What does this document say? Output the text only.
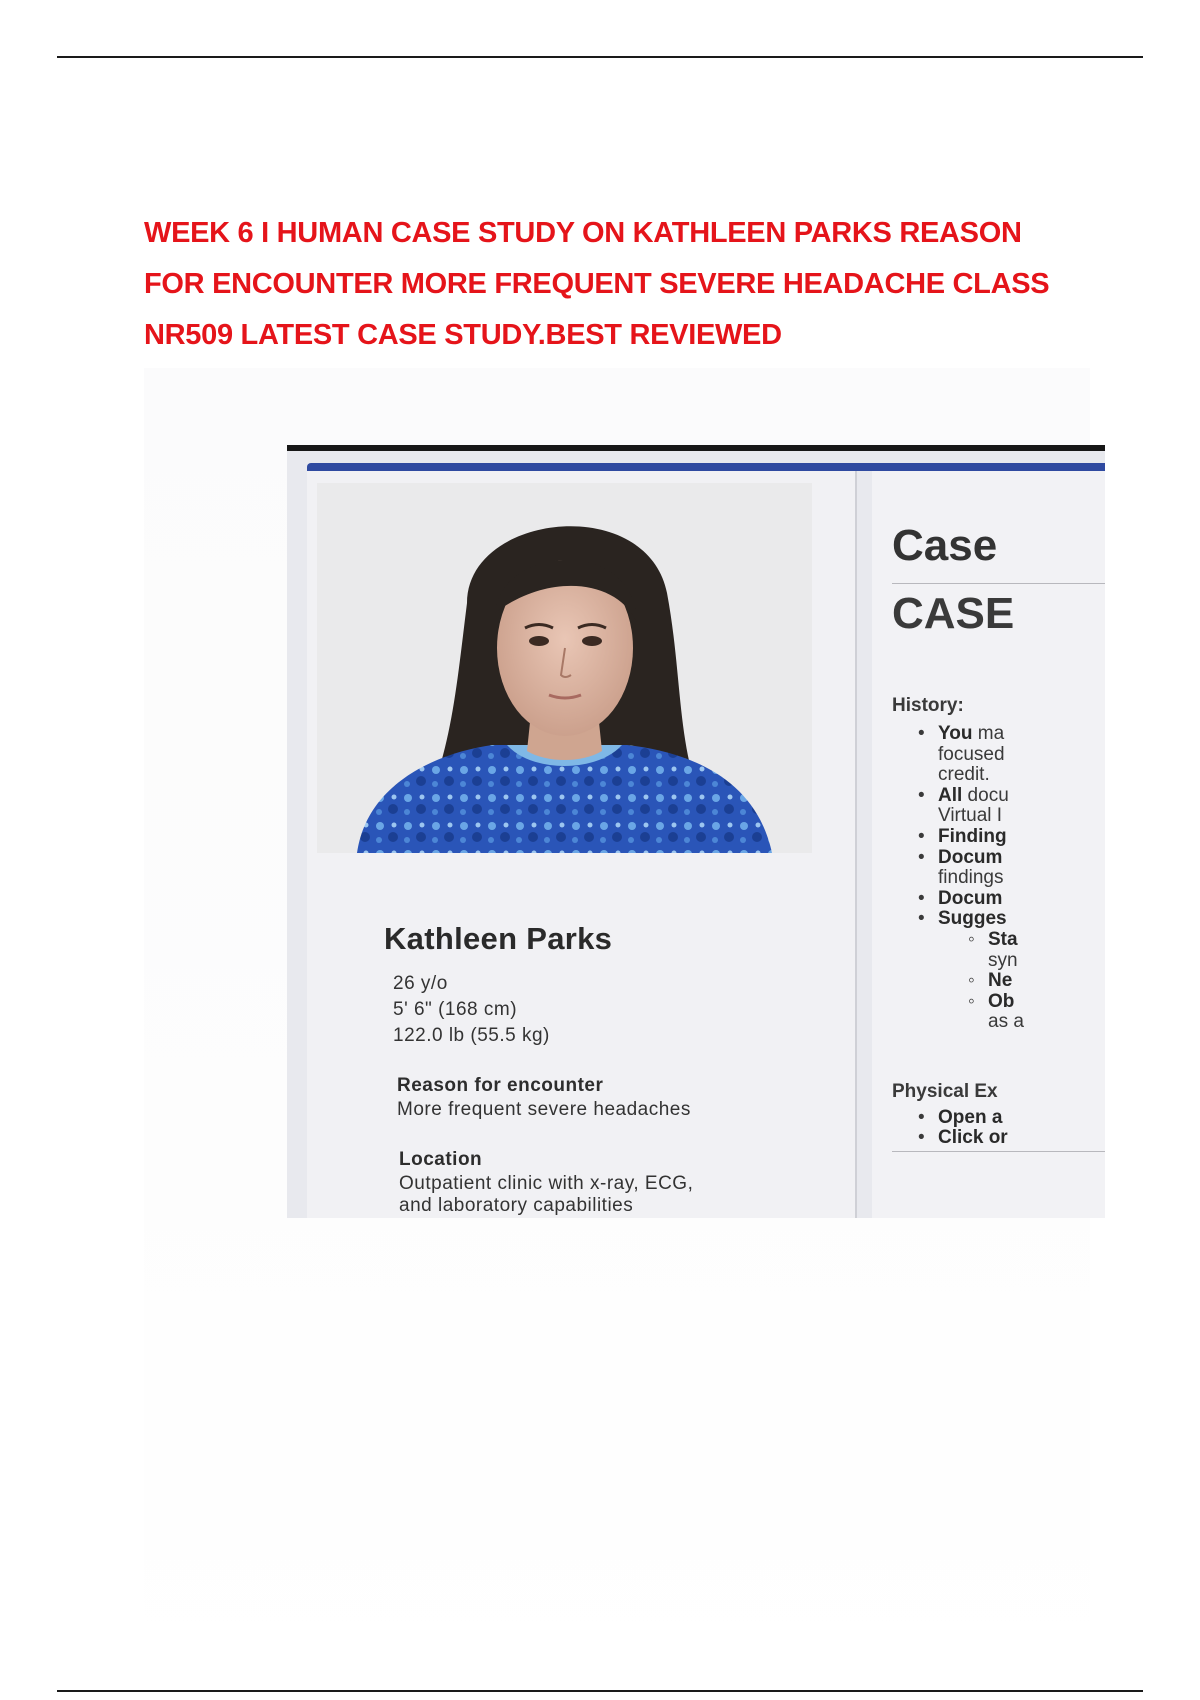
WEEK 6 I HUMAN CASE STUDY ON KATHLEEN PARKS REASON
FOR ENCOUNTER MORE FREQUENT SEVERE HEADACHE CLASS
NR509 LATEST CASE STUDY.BEST REVIEWED
Kathleen Parks
26 y/o
5' 6" (168 cm)
122.0 lb (55.5 kg)
Reason for encounter
More frequent severe headaches
Location
Outpatient clinic with x-ray, ECG,
and laboratory capabilities
Case
CASE
History:
• You ma
focused
credit.
• All docu
Virtual I
• Finding
• Docum
findings
• Docum
• Sugges
◦ Sta
syn
◦ Ne
◦ Ob
as a
Physical Ex
• Open a
• Click or
